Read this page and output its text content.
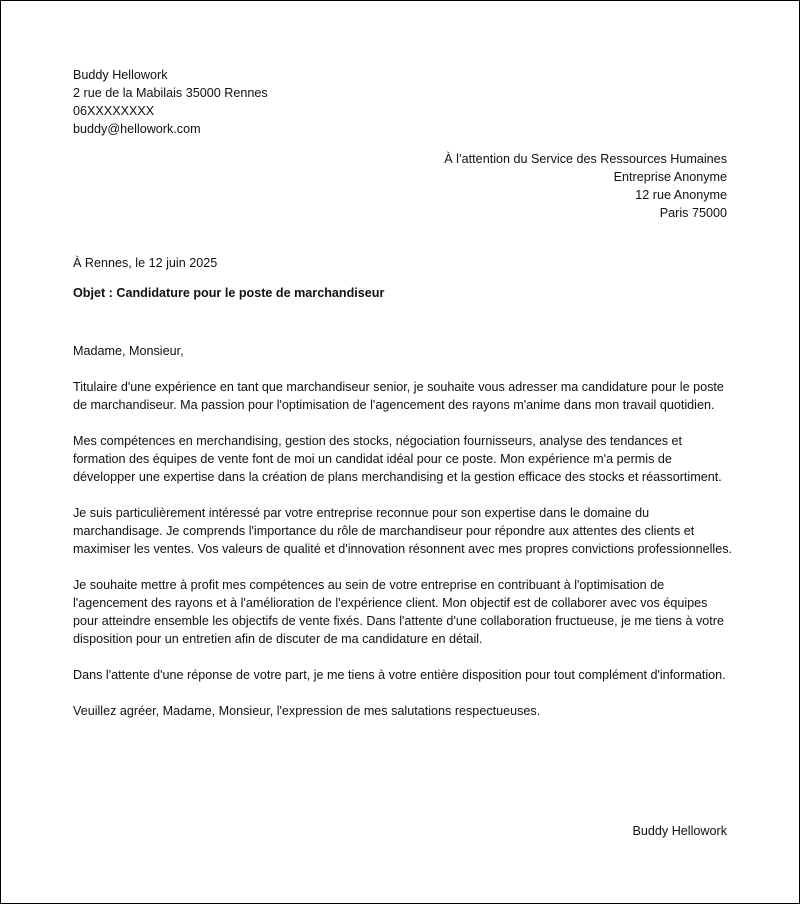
Buddy Hellowork
2 rue de la Mabilais 35000 Rennes
06XXXXXXXX
buddy@hellowork.com
À l’attention du Service des Ressources Humaines
Entreprise Anonyme
12 rue Anonyme
Paris 75000
À Rennes, le 12 juin 2025
Objet : Candidature pour le poste de marchandiseur

Madame, Monsieur,

Titulaire d'une expérience en tant que marchandiseur senior, je souhaite vous adresser ma candidature pour le poste de marchandiseur. Ma passion pour l'optimisation de l'agencement des rayons m'anime dans mon travail quotidien.

Mes compétences en merchandising, gestion des stocks, négociation fournisseurs, analyse des tendances et formation des équipes de vente font de moi un candidat idéal pour ce poste. Mon expérience m'a permis de développer une expertise dans la création de plans merchandising et la gestion efficace des stocks et réassortiment.

Je suis particulièrement intéressé par votre entreprise reconnue pour son expertise dans le domaine du marchandisage. Je comprends l'importance du rôle de marchandiseur pour répondre aux attentes des clients et maximiser les ventes. Vos valeurs de qualité et d'innovation résonnent avec mes propres convictions professionnelles.

Je souhaite mettre à profit mes compétences au sein de votre entreprise en contribuant à l'optimisation de l'agencement des rayons et à l'amélioration de l'expérience client. Mon objectif est de collaborer avec vos équipes pour atteindre ensemble les objectifs de vente fixés. Dans l'attente d'une collaboration fructueuse, je me tiens à votre disposition pour un entretien afin de discuter de ma candidature en détail.

Dans l'attente d'une réponse de votre part, je me tiens à votre entière disposition pour tout complément d'information.

Veuillez agréer, Madame, Monsieur, l'expression de mes salutations respectueuses.

Buddy Hellowork
